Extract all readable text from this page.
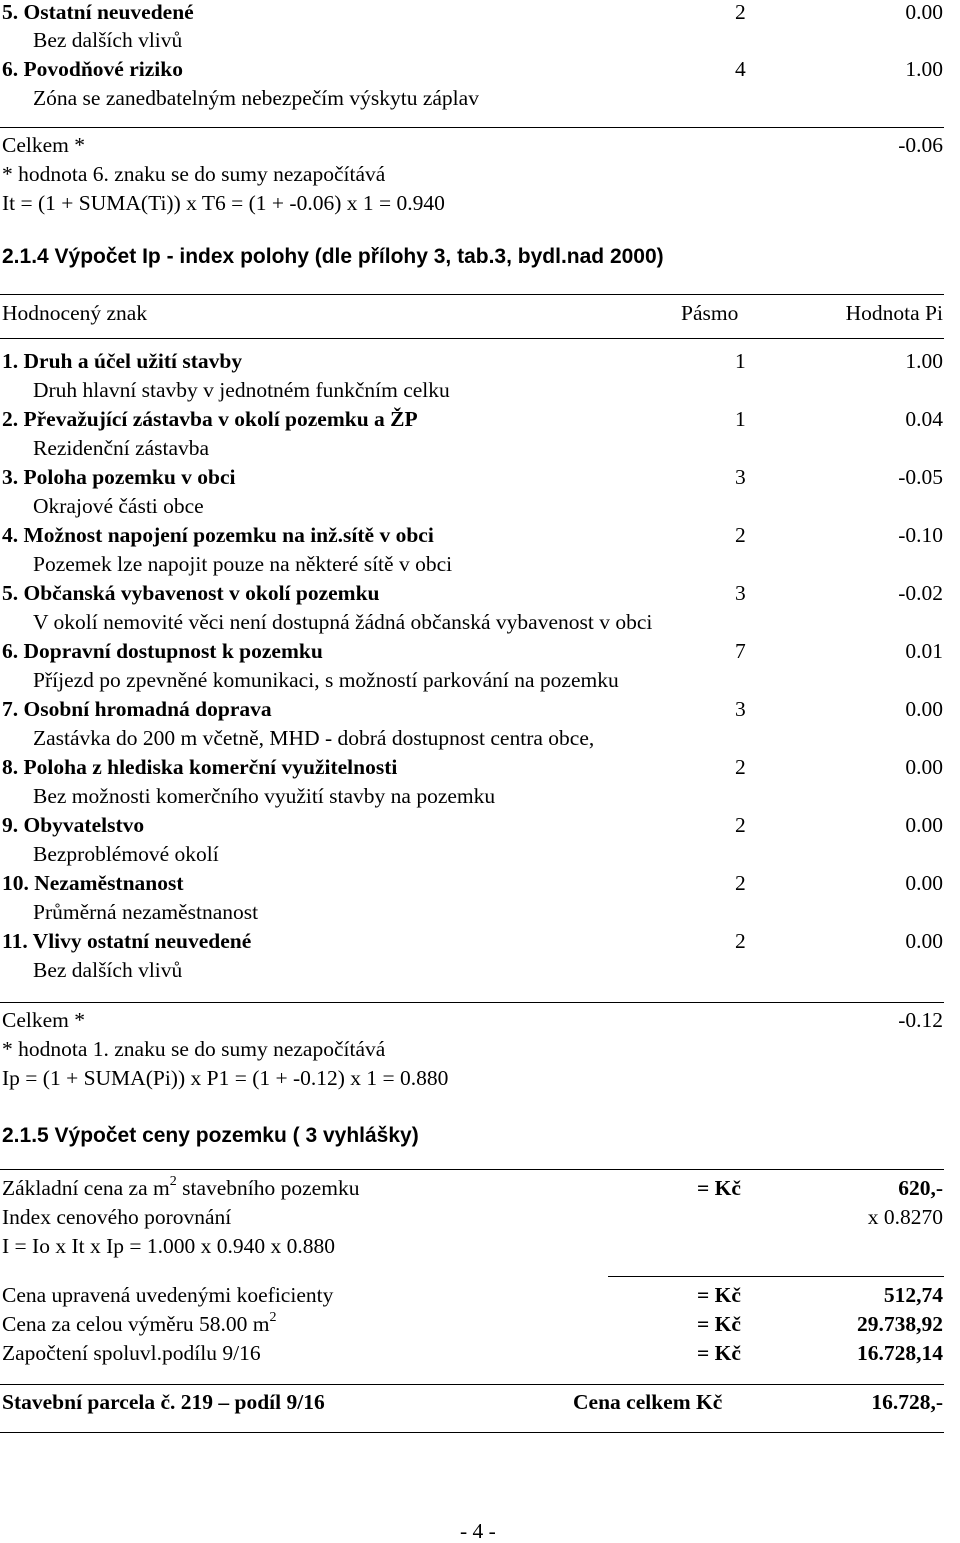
5. Ostatní neuvedené	2	0.00
Bez dalších vlivů
6. Povodňové riziko	4	1.00
Zóna se zanedbatelným nebezpečím výskytu záplav
Celkem *	-0.06
* hodnota 6. znaku se do sumy nezapočítává
It = (1 + SUMA(Ti)) x T6 = (1 + -0.06) x 1 = 0.940
2.1.4 Výpočet Ip - index polohy (dle přílohy 3, tab.3, bydl.nad 2000)
Hodnocený znak	Pásmo	Hodnota Pi
1. Druh a účel užití stavby	1	1.00
Druh hlavní stavby v jednotném funkčním celku
2. Převažující zástavba v okolí pozemku a ŽP	1	0.04
Rezidenční zástavba
3. Poloha pozemku v obci	3	-0.05
Okrajové části obce
4. Možnost napojení pozemku na inž.sítě v obci	2	-0.10
Pozemek lze napojit pouze na některé sítě v obci
5. Občanská vybavenost v okolí pozemku	3	-0.02
V okolí nemovité věci není dostupná žádná občanská vybavenost v obci
6. Dopravní dostupnost k pozemku	7	0.01
Příjezd po zpevněné komunikaci, s možností parkování na pozemku
7. Osobní hromadná doprava	3	0.00
Zastávka do 200 m včetně, MHD - dobrá dostupnost centra obce,
8. Poloha z hlediska komerční využitelnosti	2	0.00
Bez možnosti komerčního využití stavby na pozemku
9. Obyvatelstvo	2	0.00
Bezproblémové okolí
10. Nezaměstnanost	2	0.00
Průměrná nezaměstnanost
11. Vlivy ostatní neuvedené	2	0.00
Bez dalších vlivů
Celkem *	-0.12
* hodnota 1. znaku se do sumy nezapočítává
Ip = (1 + SUMA(Pi)) x P1 = (1 + -0.12) x 1 = 0.880
2.1.5 Výpočet ceny pozemku ( 3 vyhlášky)
Základní cena za $m^2$ stavebního pozemku	= Kč	620,-
Index cenového porovnání	x 0.8270
I = Io x It x Ip = 1.000 x 0.940 x 0.880
Cena upravená uvedenými koeficienty	= Kč	512,74
Cena za celou výměru 58.00 $m^2$	= Kč	29.738,92
Započtení spoluvl.podílu 9/16	= Kč	16.728,14
Stavební parcela č. 219 – podíl 9/16	Cena celkem Kč	16.728,-
- 4 -
